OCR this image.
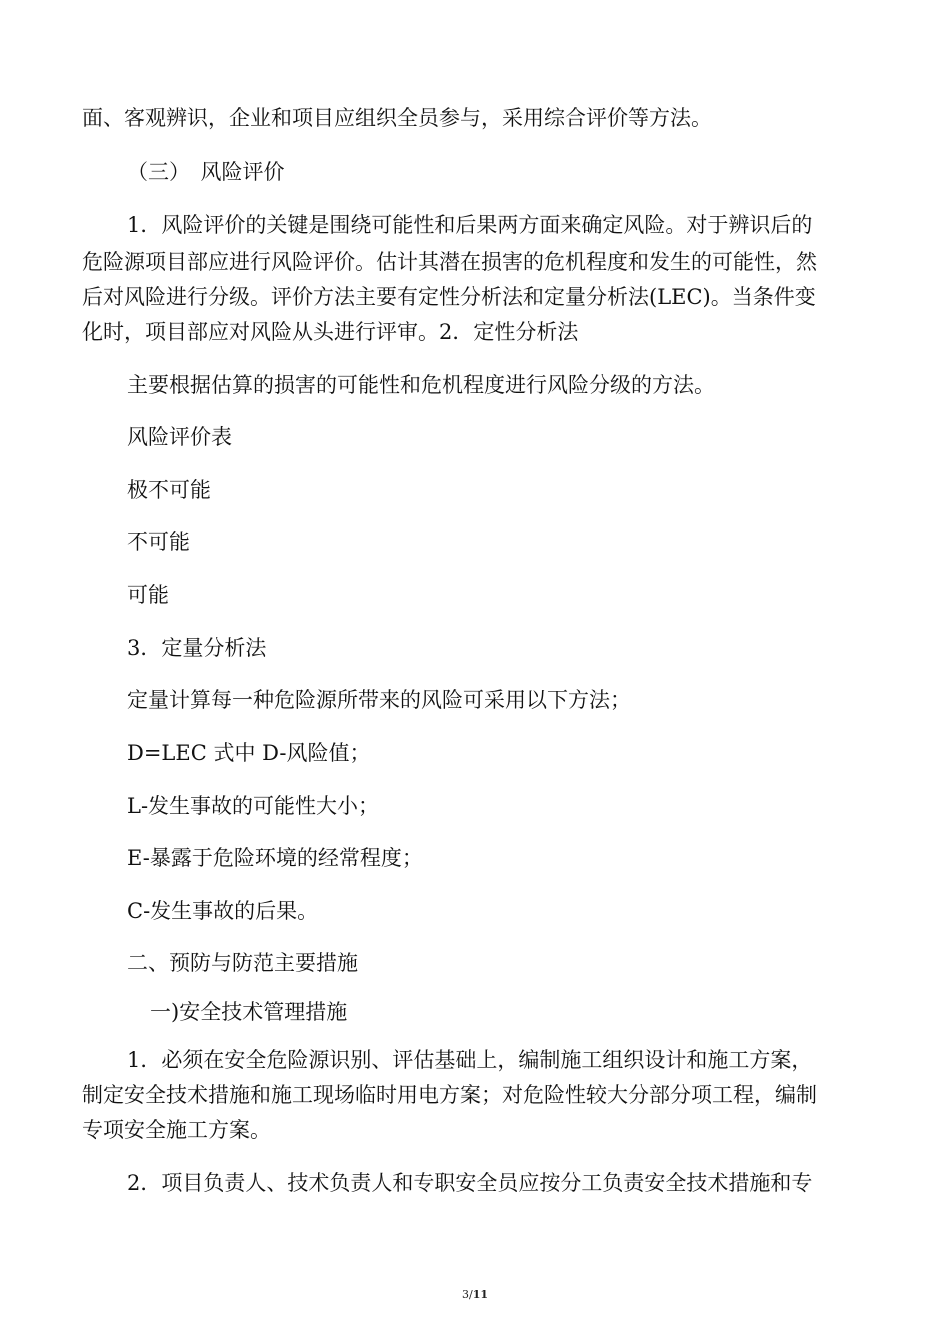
面、客观辨识，企业和项目应组织全员参与，采用综合评价等方法。
（三）　风险评价
1．风险评价的关键是围绕可能性和后果两方面来确定风险。对于辨识后的
危险源项目部应进行风险评价。估计其潜在损害的危机程度和发生的可能性，然
后对风险进行分级。评价方法主要有定性分析法和定量分析法(LEC)。当条件变
化时，项目部应对风险从头进行评审。2．定性分析法
主要根据估算的损害的可能性和危机程度进行风险分级的方法。
风险评价表
极不可能
不可能
可能
3．定量分析法
定量计算每一种危险源所带来的风险可采用以下方法；
D=LEC 式中 D-风险值；
L-发生事故的可能性大小；
E-暴露于危险环境的经常程度；
C-发生事故的后果。
二、预防与防范主要措施
一)安全技术管理措施
1．必须在安全危险源识别、评估基础上，编制施工组织设计和施工方案，
制定安全技术措施和施工现场临时用电方案；对危险性较大分部分项工程，编制
专项安全施工方案。
2．项目负责人、技术负责人和专职安全员应按分工负责安全技术措施和专
3/11
